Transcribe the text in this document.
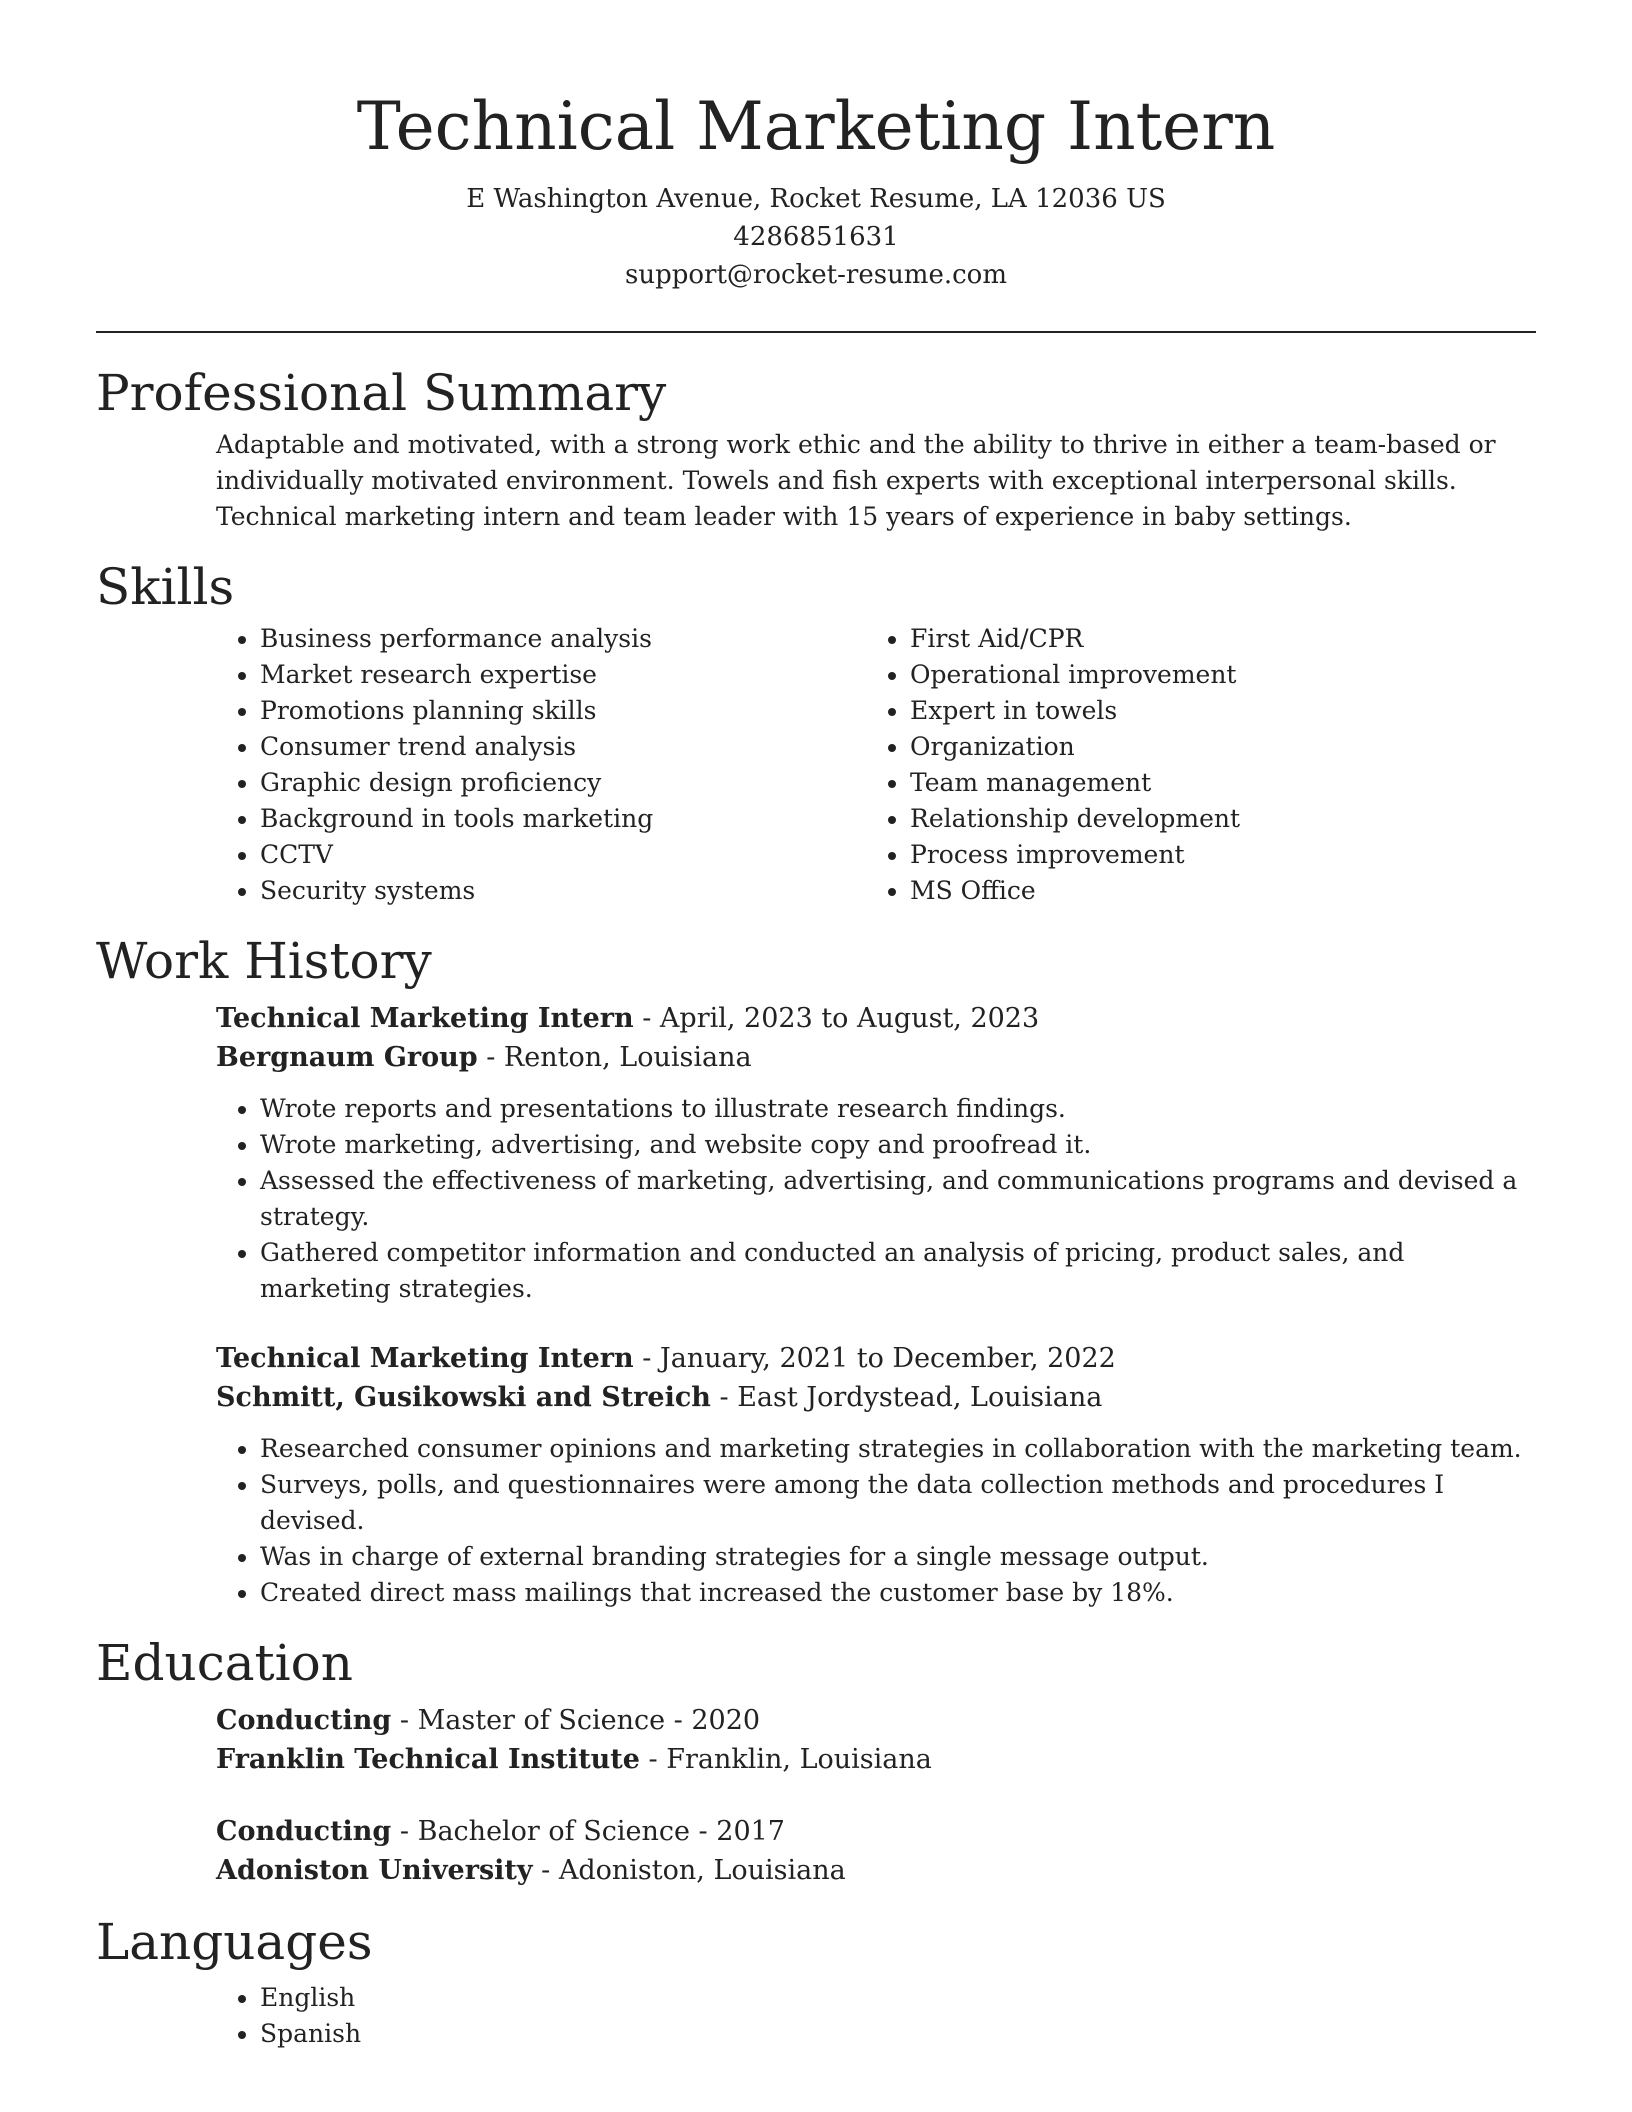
Technical Marketing Intern
E Washington Avenue, Rocket Resume, LA 12036 US
4286851631
support@rocket-resume.com
Professional Summary

Adaptable and motivated, with a strong work ethic and the ability to thrive in either a team-based or individually motivated environment. Towels and fish experts with exceptional interpersonal skills. Technical marketing intern and team leader with 15 years of experience in baby settings.

Skills
• Business performance analysis
• Market research expertise
• Promotions planning skills
• Consumer trend analysis
• Graphic design proficiency
• Background in tools marketing
• CCTV
• Security systems
• First Aid/CPR
• Operational improvement
• Expert in towels
• Organization
• Team management
• Relationship development
• Process improvement
• MS Office
Work History

Technical Marketing Intern - April, 2023 to August, 2023

Bergnaum Group - Renton, Louisiana

• Wrote reports and presentations to illustrate research findings.
• Wrote marketing, advertising, and website copy and proofread it.
• Assessed the effectiveness of marketing, advertising, and communications programs and devised a strategy.
• Gathered competitor information and conducted an analysis of pricing, product sales, and marketing strategies.

Technical Marketing Intern - January, 2021 to December, 2022

Schmitt, Gusikowski and Streich - East Jordystead, Louisiana

• Researched consumer opinions and marketing strategies in collaboration with the marketing team.
• Surveys, polls, and questionnaires were among the data collection methods and procedures I devised.
• Was in charge of external branding strategies for a single message output.
• Created direct mass mailings that increased the customer base by 18%.
Education

Conducting - Master of Science - 2020

Franklin Technical Institute - Franklin, Louisiana

Conducting - Bachelor of Science - 2017

Adoniston University - Adoniston, Louisiana

Languages
• English
• Spanish
